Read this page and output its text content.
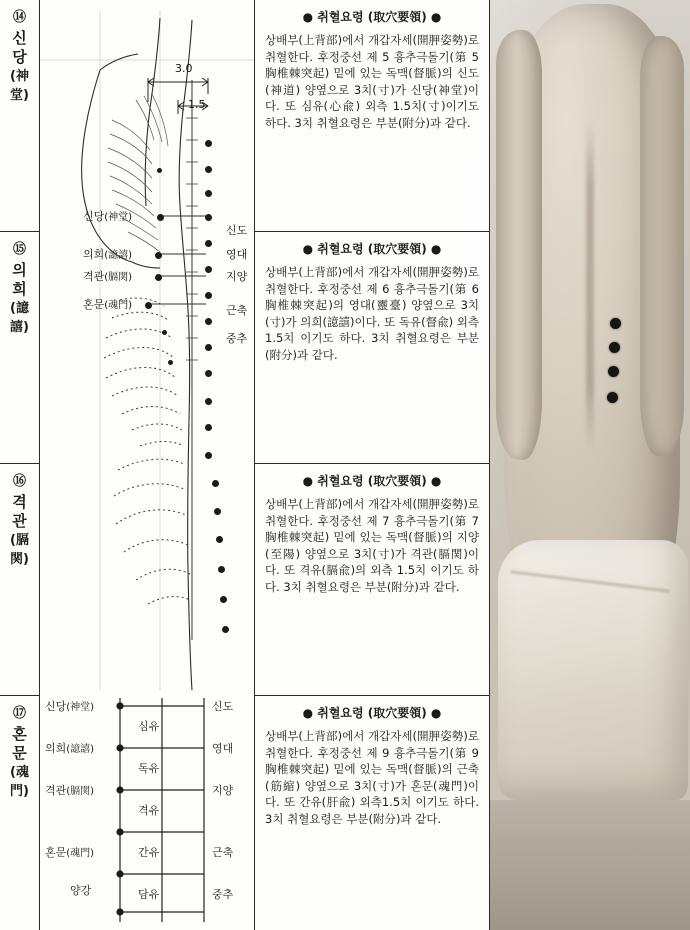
⑭
신
당
(神
堂)
⑮
의
희
(譩
譆)
⑯
격
관
(膈
関)
⑰
혼
문
(魂
門)
3.0
1.5
신당(神堂)
의희(譩譆)
격관(膈関)
혼문(魂門)
신도
영대
지양
근축
중추
신당(神堂)
의희(譩譆)
격관(膈関)
혼문(魂門)
양강
심유
독유
격유
간유
담유
신도
영대
지양
근축
중추
● 취혈요령 (取穴要領) ●
상배부(上背部)에서 개갑자세(開胛姿勢)로 취혈한다. 후정중선 제 5 흉추극돌기(第 5 胸椎棘突起) 밑에 있는 독맥(督脈)의 신도(神道) 양옆으로 3치(寸)가 신당(神堂)이다. 또 심유(心兪) 외측 1.5치(寸)이기도 하다. 3치 취혈요령은 부분(附分)과 같다.
● 취혈요령 (取穴要領) ●
상배부(上背部)에서 개갑자세(開胛姿勢)로 취혈한다. 후정중선 제 6 흉추극돌기(第 6 胸椎棘突起)의 영대(靈臺) 양옆으로 3치(寸)가 의희(譩譆)이다. 또 독유(督兪) 외측1.5치 이기도 하다. 3치 취혈요령은 부분(附分)과 같다.
● 취혈요령 (取穴要領) ●
상배부(上背部)에서 개갑자세(開胛姿勢)로 취혈한다. 후정중선 제 7 흉추극돌기(第 7 胸椎棘突起) 밑에 있는 독맥(督脈)의 지양(至陽) 양옆으로 3치(寸)가 격관(膈関)이다. 또 격유(膈兪)의 외측 1.5치 이기도 하다. 3치 취혈요령은 부분(附分)과 같다.
● 취혈요령 (取穴要領) ●
상배부(上背部)에서 개갑자세(開胛姿勢)로 취혈한다. 후정중선 제 9 흉추극돌기(第 9 胸椎棘突起) 밑에 있는 독맥(督脈)의 근축(筋縮) 양옆으로 3치(寸)가 혼문(魂門)이다. 또 간유(肝兪) 외측1.5치 이기도 하다. 3치 취혈요령은 부분(附分)과 같다.
